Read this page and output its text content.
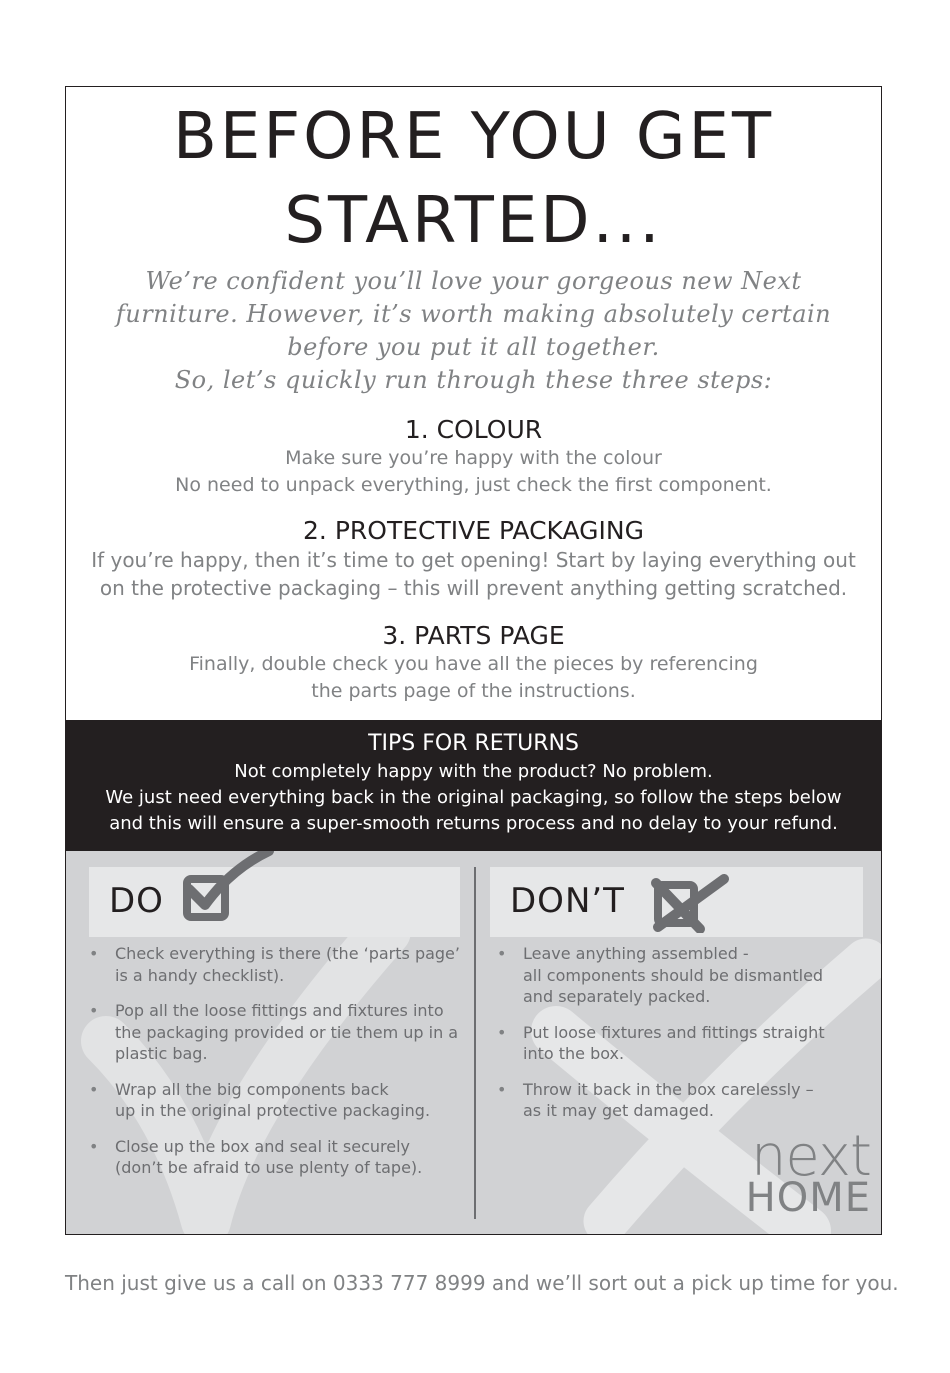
BEFORE YOU GET
STARTED...
We’re confident you’ll love your gorgeous new Next
furniture. However, it’s worth making absolutely certain
before you put it all together.
So, let’s quickly run through these three steps:
1. COLOUR

Make sure you’re happy with the colour
No need to unpack everything, just check the first component.

2. PROTECTIVE PACKAGING

If you’re happy, then it’s time to get opening! Start by laying everything out
on the protective packaging – this will prevent anything getting scratched.

3. PARTS PAGE

Finally, double check you have all the pieces by referencing
the parts page of the instructions.

TIPS FOR RETURNS

Not completely happy with the product? No problem.
We just need everything back in the original packaging, so follow the steps below
and this will ensure a super-smooth returns process and no delay to your refund.

DO	DON’T
• Check everything is there (the ‘parts page’
is a handy checklist).
• Pop all the loose fittings and fixtures into
the packaging provided or tie them up in a
plastic bag.
• Wrap all the big components back
up in the original protective packaging.
• Close up the box and seal it securely
(don’t be afraid to use plenty of tape).
• Leave anything assembled -
all components should be dismantled
and separately packed.
• Put loose fixtures and fittings straight
into the box.
• Throw it back in the box carelessly –
as it may get damaged.
next
HOME
Then just give us a call on 0333 777 8999 and we’ll sort out a pick up time for you.
